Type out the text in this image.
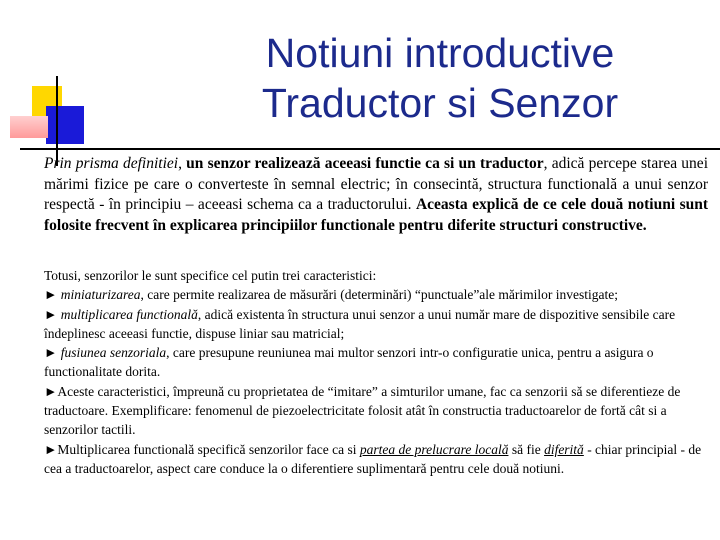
Notiuni introductive
Traductor si Senzor
Prin prisma definitiei, un senzor realizează aceeasi functie ca si un traductor, adică percepe starea unei mărimi fizice pe care o converteste în semnal electric; în consecintă, structura functională a unui senzor respectă - în principiu – aceeasi schema ca a traductorului. Aceasta explică de ce cele două notiuni sunt folosite frecvent în explicarea principiilor functionale pentru diferite structuri constructive.

Totusi, senzorilor le sunt specifice cel putin trei caracteristici:

► miniaturizarea, care permite realizarea de măsurări (determinări) “punctuale”ale mărimilor investigate;

► multiplicarea functională, adică existenta în structura unui senzor a unui număr mare de dispozitive sensibile care îndeplinesc aceeasi functie, dispuse liniar sau matricial;

► fusiunea senzoriala, care presupune reuniunea mai multor senzori intr-o configuratie unica, pentru a asigura o functionalitate dorita.

►Aceste caracteristici, împreună cu proprietatea de “imitare” a simturilor umane, fac ca senzorii să se diferentieze de traductoare. Exemplificare: fenomenul de piezoelectricitate folosit atât în constructia traductoarelor de fortă cât si a senzorilor tactili.

►Multiplicarea functională specifică senzorilor face ca si partea de prelucrare locală să fie diferită - chiar principial - de cea a traductoarelor, aspect care conduce la o diferentiere suplimentară pentru cele două notiuni.
